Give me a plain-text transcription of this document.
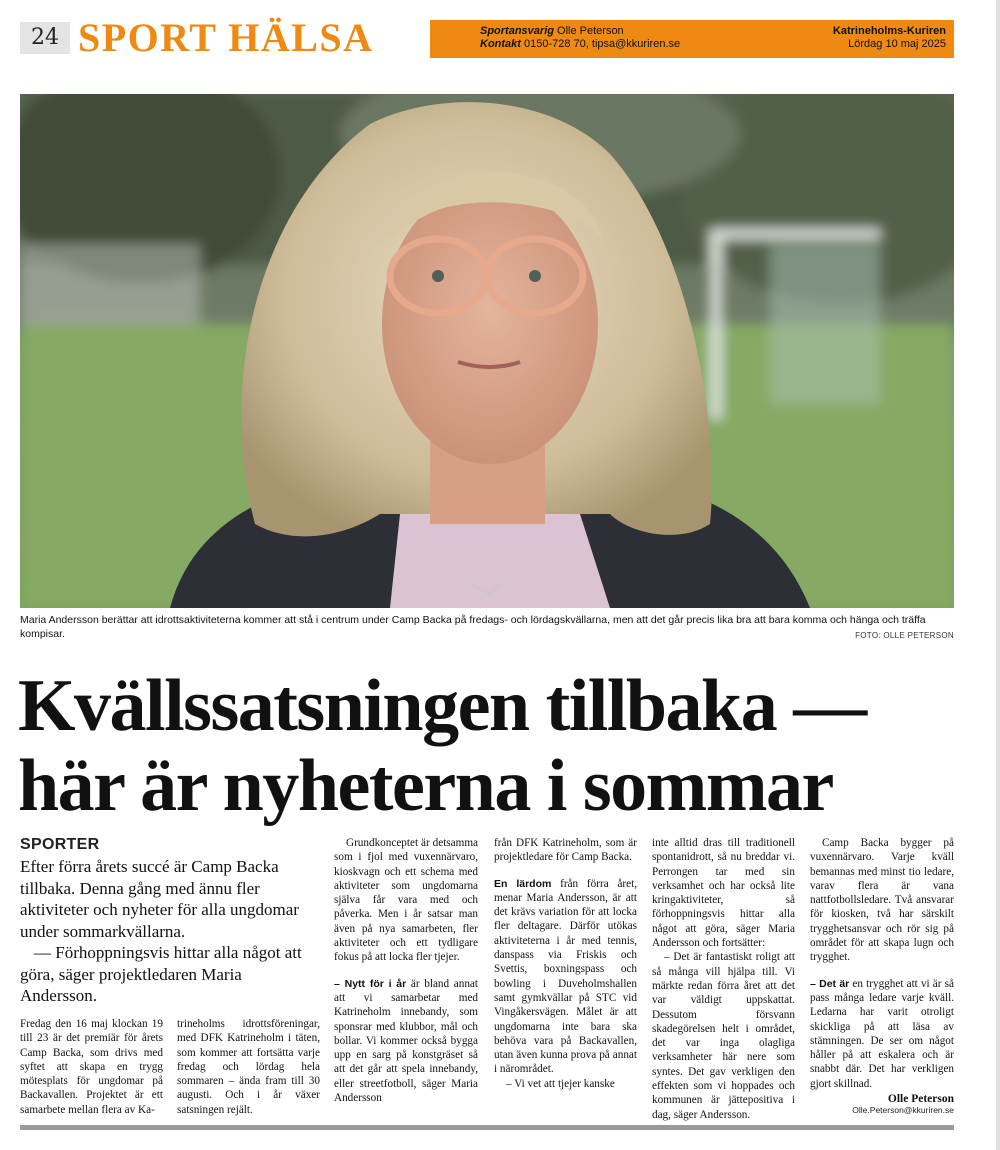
24 SPORT HÄLSA	Sportansvarig Olle Peterson
Kontakt 0150-728 70, tipsa@kkuriren.se
Katrineholms-Kuriren
Lördag 10 maj 2025
Maria Andersson berättar att idrottsaktiviteterna kommer att stå i centrum under Camp Backa på fredags- och lördagskvällarna, men att det går precis lika bra att bara komma och hänga och träffa kompisar.	FOTO: OLLE PETERSON
Kvällssatsningen tillbaka — här är nyheterna i sommar
SPORTER

Efter förra årets succé är Camp Backa tillbaka. Denna gång med ännu fler aktiviteter och nyheter för alla ungdomar under sommarkvällarna.

— Förhoppningsvis hittar alla något att göra, säger projektledaren Maria Andersson.

Fredag den 16 maj klockan 19 till 23 är det premiär för årets Camp Backa, som drivs med syftet att skapa en trygg mötesplats för ungdomar på Backavallen. Projektet är ett samarbete mellan flera av Ka-

trineholms idrottsföreningar, med DFK Katrineholm i täten, som kommer att fortsätta varje fredag och lördag hela sommaren – ända fram till 30 augusti. Och i år växer satsningen rejält.

Grundkonceptet är detsamma som i fjol med vuxennärvaro, kioskvagn och ett schema med aktiviteter som ungdomarna själva får vara med och påverka. Men i år satsar man även på nya samarbeten, fler aktiviteter och ett tydligare fokus på att locka fler tjejer.

– Nytt för i år är bland annat att vi samarbetar med Katrineholm innebandy, som sponsrar med klubbor, mål och bollar. Vi kommer också bygga upp en sarg på konstgräset så att det går att spela innebandy, eller streetfotboll, säger Maria Andersson

från DFK Katrineholm, som är projektledare för Camp Backa.

En lärdom från förra året, menar Maria Andersson, är att det krävs variation för att locka fler deltagare. Därför utökas aktiviteterna i år med tennis, danspass via Friskis och Svettis, boxningspass och bowling i Duveholmshallen samt gymkvällar på STC vid Vingåkersvägen. Målet är att ungdomarna inte bara ska behöva vara på Backavallen, utan även kunna prova på annat i närområdet.

– Vi vet att tjejer kanske

inte alltid dras till traditionell spontanidrott, så nu breddar vi. Perrongen tar med sin verksamhet och har också lite kringaktiviteter, så förhoppningsvis hittar alla något att göra, säger Maria Andersson och fortsätter:

– Det är fantastiskt roligt att så många vill hjälpa till. Vi märkte redan förra året att det var väldigt uppskattat. Dessutom försvann skadegörelsen helt i området, det var inga olagliga verksamheter här nere som syntes. Det gav verkligen den effekten som vi hoppades och kommunen är jättepositiva i dag, säger Andersson.

Camp Backa bygger på vuxennärvaro. Varje kväll bemannas med minst tio ledare, varav flera är vana nattfotbollsledare. Två ansvarar för kiosken, två har särskilt trygghetsansvar och rör sig på området för att skapa lugn och trygghet.

– Det är en trygghet att vi är så pass många ledare varje kväll. Ledarna har varit otroligt skickliga på att läsa av stämningen. De ser om något håller på att eskalera och är snabbt där. Det har verkligen gjort skillnad.

Olle Peterson
Olle.Peterson@kkuriren.se
